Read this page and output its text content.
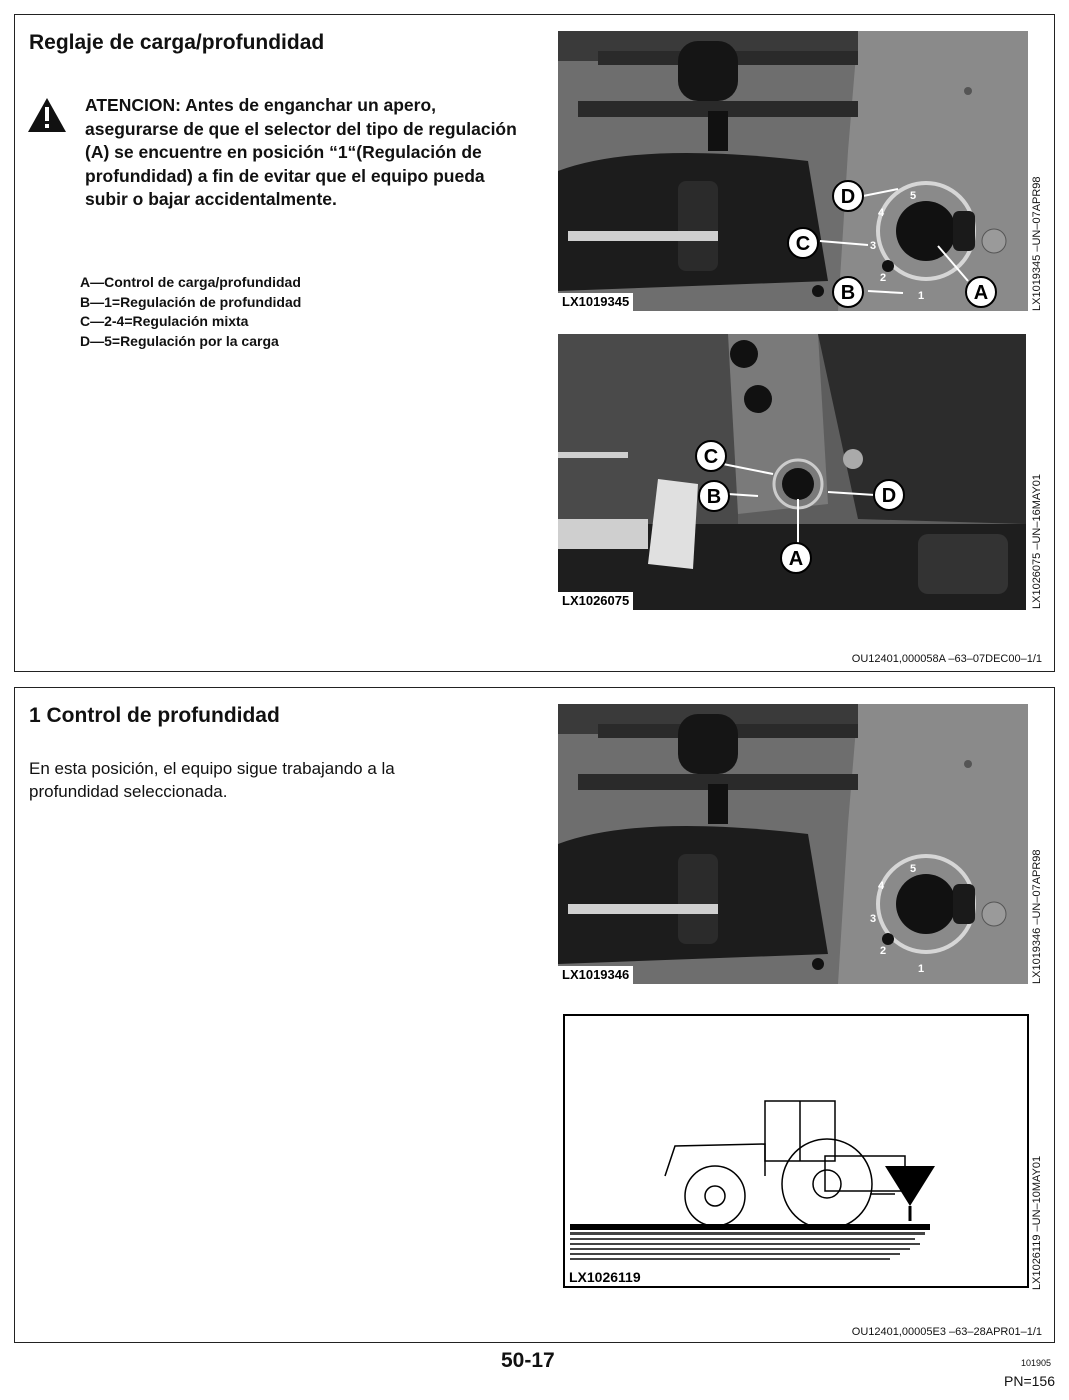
Reglaje de carga/profundidad

ATENCION: Antes de enganchar un apero, asegurarse de que el selector del tipo de regulación (A) se encuentre en posición “1“(Regulación de profundidad) a fin de evitar que el equipo pueda subir o bajar accidentalmente.

A—Control de carga/profundidad
B—1=Regulación de profundidad
C—2-4=Regulación mixta
D—5=Regulación por la carga
D
C
B	A
5
4
3
2
1
LX1019345	LX1019345 –UN–07APR98
C
B
A
D
LX1026075	LX1026075 –UN–16MAY01
OU12401,000058A –63–07DEC00–1/1
1 Control de profundidad

En esta posición, el equipo sigue trabajando a la profundidad seleccionada.

5
4
3
2
1
LX1019346	LX1019346 –UN–07APR98
LX1026119	LX1026119 –UN–10MAY01
OU12401,00005E3 –63–28APR01–1/1
50-17	101905
PN=156
